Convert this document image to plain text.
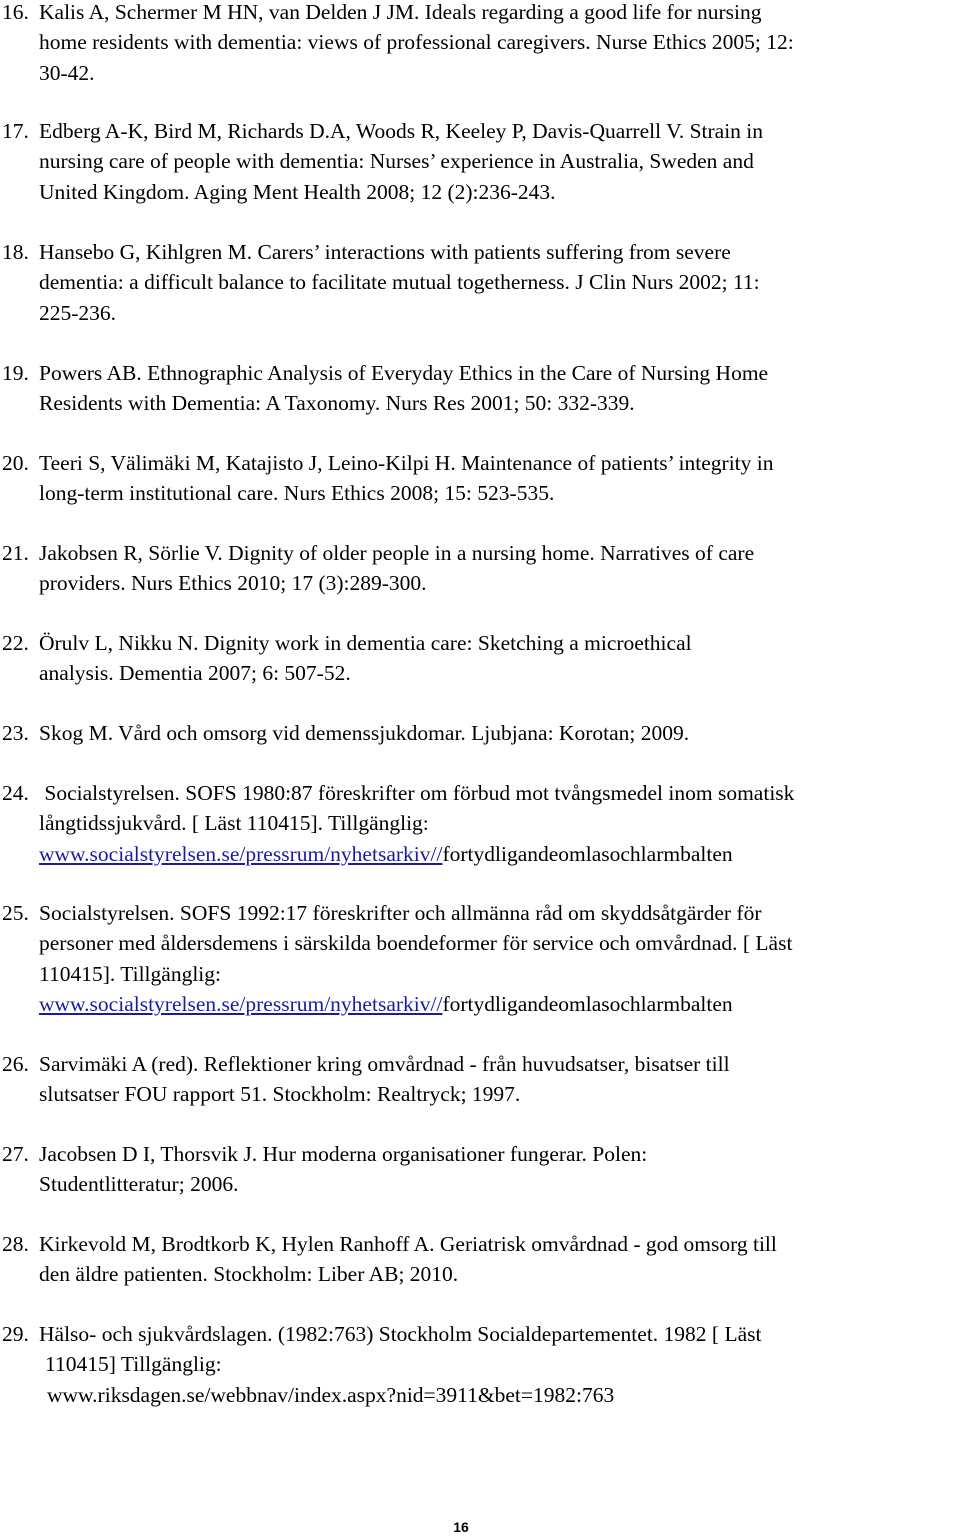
16. Kalis A, Schermer M HN, van Delden J JM. Ideals regarding a good life for nursing
home residents with dementia: views of professional caregivers. Nurse Ethics 2005; 12:
30-42.
17. Edberg A-K, Bird M, Richards D.A, Woods R, Keeley P, Davis-Quarrell V. Strain in
nursing care of people with dementia: Nurses’ experience in Australia, Sweden and
United Kingdom. Aging Ment Health 2008; 12 (2):236-243.
18. Hansebo G, Kihlgren M. Carers’ interactions with patients suffering from severe
dementia: a difficult balance to facilitate mutual togetherness. J Clin Nurs 2002; 11:
225-236.
19. Powers AB. Ethnographic Analysis of Everyday Ethics in the Care of Nursing Home
Residents with Dementia: A Taxonomy. Nurs Res 2001; 50: 332-339.
20. Teeri S, Välimäki M, Katajisto J, Leino-Kilpi H. Maintenance of patients’ integrity in
long-term institutional care. Nurs Ethics 2008; 15: 523-535.
21. Jakobsen R, Sörlie V. Dignity of older people in a nursing home. Narratives of care
providers. Nurs Ethics 2010; 17 (3):289-300.
22. Örulv L, Nikku N. Dignity work in dementia care: Sketching a microethical
analysis. Dementia 2007; 6: 507-52.
23. Skog M. Vård och omsorg vid demenssjukdomar. Ljubjana: Korotan; 2009.
24. Socialstyrelsen. SOFS 1980:87 föreskrifter om förbud mot tvångsmedel inom somatisk
långtidssjukvård. [ Läst 110415]. Tillgänglig:
www.socialstyrelsen.se/pressrum/nyhetsarkiv//fortydligandeomlasochlarmbalten
25. Socialstyrelsen. SOFS 1992:17 föreskrifter och allmänna råd om skyddsåtgärder för
personer med åldersdemens i särskilda boendeformer för service och omvårdnad. [ Läst
110415]. Tillgänglig:
www.socialstyrelsen.se/pressrum/nyhetsarkiv//fortydligandeomlasochlarmbalten
26. Sarvimäki A (red). Reflektioner kring omvårdnad - från huvudsatser, bisatser till
slutsatser FOU rapport 51. Stockholm: Realtryck; 1997.
27. Jacobsen D I, Thorsvik J. Hur moderna organisationer fungerar. Polen:
Studentlitteratur; 2006.
28. Kirkevold M, Brodtkorb K, Hylen Ranhoff A. Geriatrisk omvårdnad - god omsorg till
den äldre patienten. Stockholm: Liber AB; 2010.
29. Hälso- och sjukvårdslagen. (1982:763) Stockholm Socialdepartementet. 1982 [ Läst
110415] Tillgänglig:
www.riksdagen.se/webbnav/index.aspx?nid=3911&bet=1982:763
16
